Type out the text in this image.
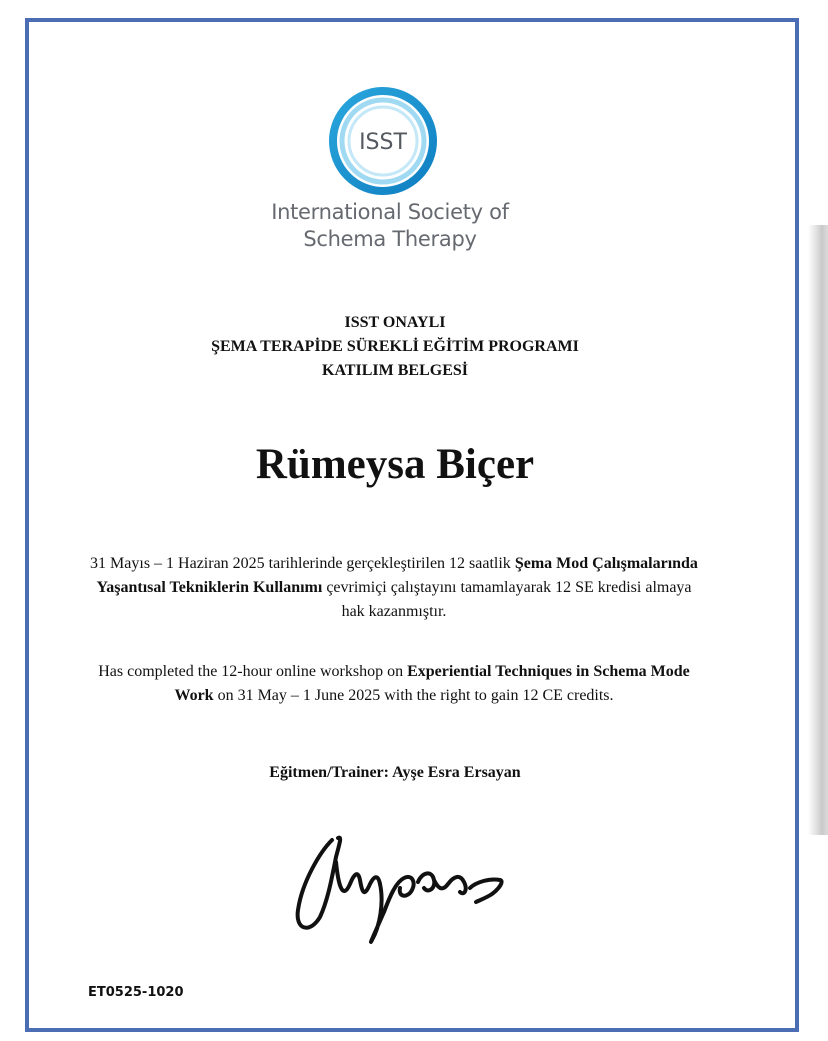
ISST
International Society of
Schema Therapy
ISST ONAYLI
ŞEMA TERAPİDE SÜREKLİ EĞİTİM PROGRAMI
KATILIM BELGESİ
Rümeysa Biçer
31 Mayıs – 1 Haziran 2025 tarihlerinde gerçekleştirilen 12 saatlik Şema Mod Çalışmalarında Yaşantısal Tekniklerin Kullanımı çevrimiçi çalıştayını tamamlayarak 12 SE kredisi almaya hak kazanmıştır.
Has completed the 12-hour online workshop on Experiential Techniques in Schema Mode Work on 31 May – 1 June 2025 with the right to gain 12 CE credits.
Eğitmen/Trainer: Ayşe Esra Ersayan
ET0525-1020
